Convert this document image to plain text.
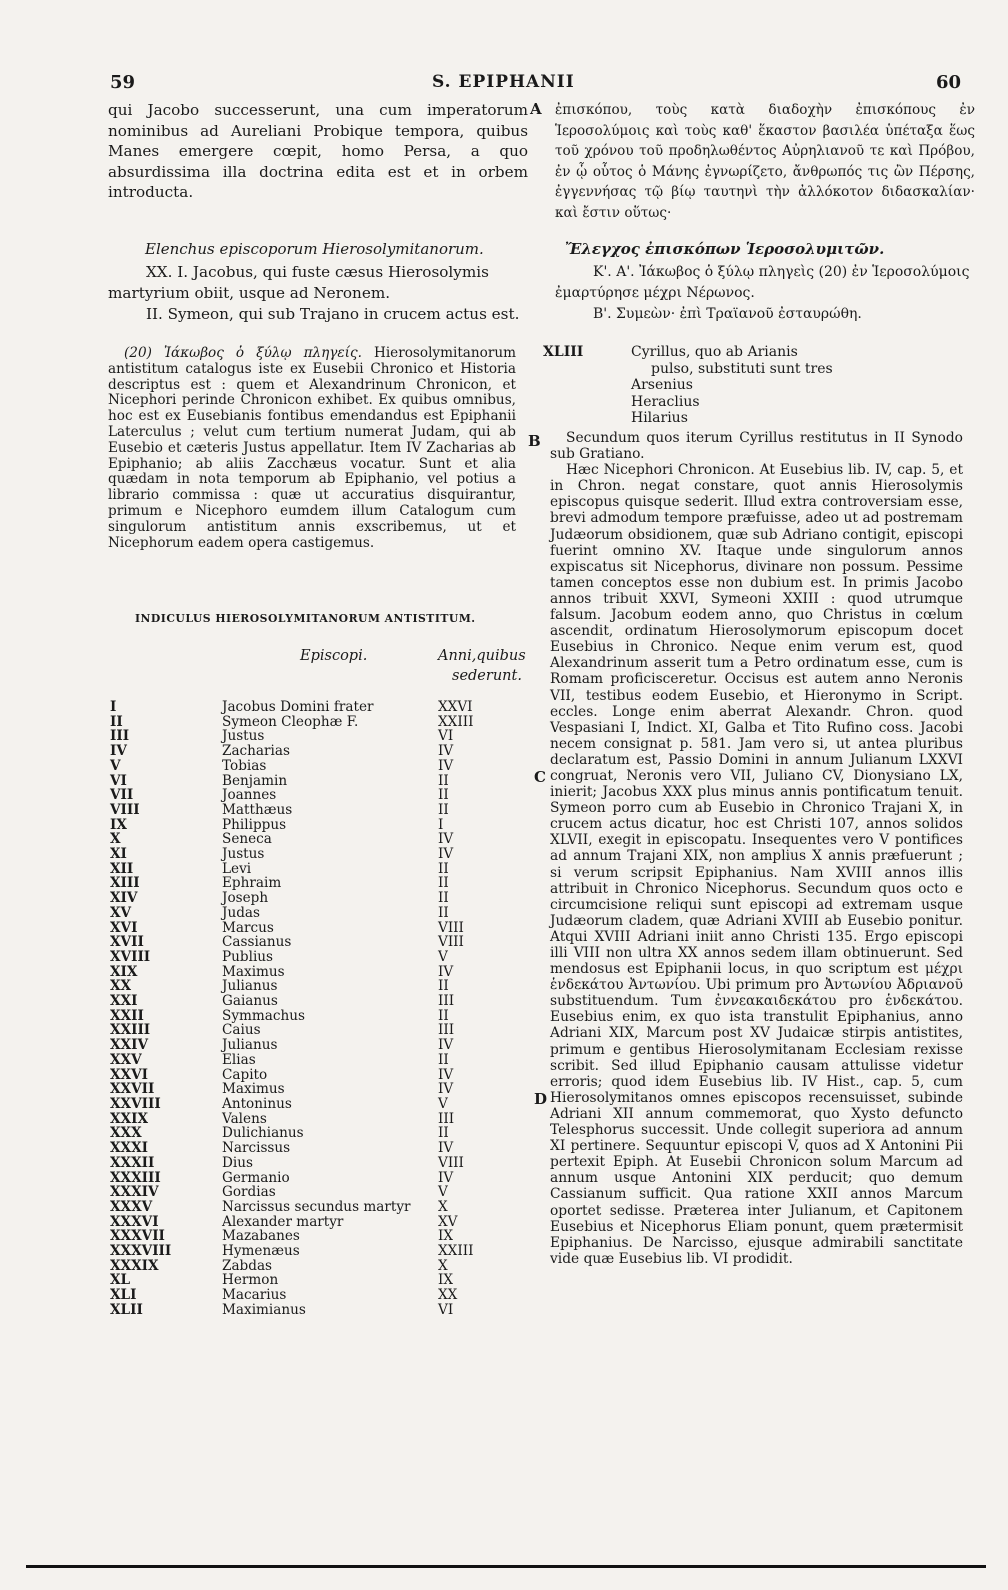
59	S. EPIPHANII	60
qui Jacobo successerunt, una cum imperatorum nominibus ad Aureliani Probique tempora, quibus Manes emergere cœpit, homo Persa, a quo absurdissima illa doctrina edita est et in orbem introducta.
A ἐπισκόπου, τοὺς κατὰ διαδοχὴν ἐπισκόπους ἐν Ἱεροσολύμοις καὶ τοὺς καθ' ἕκαστον βασιλέα ὑπέταξα ἕως τοῦ χρόνου τοῦ προδηλωθέντος Αὐρηλιανοῦ τε καὶ Πρόβου, ἐν ᾧ οὗτος ὁ Μάνης ἐγνωρίζετο, ἄνθρωπός τις ὢν Πέρσης, ἐγγεννήσας τῷ βίῳ ταυτηνὶ τὴν ἀλλόκοτον διδασκαλίαν· καὶ ἔστιν οὕτως·
Elenchus episcoporum Hierosolymitanorum.	Ἔλεγχος ἐπισκόπων Ἱεροσολυμιτῶν.
XX. I. Jacobus, qui fuste cæsus Hierosolymis martyrium obiit, usque ad Neronem.
II. Symeon, qui sub Trajano in crucem actus est.
Κ'. Α'. Ἰάκωβος ὁ ξύλῳ πληγεὶς (20) ἐν Ἱεροσολύμοις ἐμαρτύρησε μέχρι Νέρωνος.
Β'. Συμεὼν· ἐπὶ Τραϊανοῦ ἐσταυρώθη.
(20) Ἰάκωβος ὁ ξύλῳ πληγείς. Hierosolymitanorum antistitum catalogus iste ex Eusebii Chronico et Historia descriptus est : quem et Alexandrinum Chronicon, et Nicephori perinde Chronicon exhibet. Ex quibus omnibus, hoc est ex Eusebianis fontibus emendandus est Epiphanii Laterculus ; velut cum tertium numerat Judam, qui ab Eusebio et cæteris Justus appellatur. Item IV Zacharias ab Epiphanio; ab aliis Zacchæus vocatur. Sunt et alia quædam in nota temporum ab Epiphanio, vel potius a librario commissa : quæ ut accuratius disquirantur, primum e Nicephoro eumdem illum Catalogum cum singulorum antistitum annis exscribemus, ut et Nicephorum eadem opera castigemus.
INDICULUS HIEROSOLYMITANORUM ANTISTITUM.
Episcopi.	Anni,quibus
sederunt.
I	Jacobus Domini frater	XXVI
II	Symeon Cleophæ F.	XXIII
III	Justus	VI
IV	Zacharias	IV
V	Tobias	IV
VI	Benjamin	II
VII	Joannes	II
VIII	Matthæus	II
IX	Philippus	I
X	Seneca	IV
XI	Justus	IV
XII	Levi	II
XIII	Ephraim	II
XIV	Joseph	II
XV	Judas	II
XVI	Marcus	VIII
XVII	Cassianus	VIII
XVIII	Publius	V
XIX	Maximus	IV
XX	Julianus	II
XXI	Gaianus	III
XXII	Symmachus	II
XXIII	Caius	III
XXIV	Julianus	IV
XXV	Elias	II
XXVI	Capito	IV
XXVII	Maximus	IV
XXVIII	Antoninus	V
XXIX	Valens	III
XXX	Dulichianus	II
XXXI	Narcissus	IV
XXXII	Dius	VIII
XXXIII	Germanio	IV
XXXIV	Gordias	V
XXXV	Narcissus secundus martyr	X
XXXVI	Alexander martyr	XV
XXXVII	Mazabanes	IX
XXXVIII	Hymenæus	XXIII
XXXIX	Zabdas	X
XL	Hermon	IX
XLI	Macarius	XX
XLII	Maximianus	VI
XLIII	Cyrillus, quo ab Arianis
pulso, substituti sunt tres
Arsenius
Heraclius
Hilarius
B
C
D

Secundum quos iterum Cyrillus restitutus in II Synodo sub Gratiano.

Hæc Nicephori Chronicon. At Eusebius lib. IV, cap. 5, et in Chron. negat constare, quot annis Hierosolymis episcopus quisque sederit. Illud extra controversiam esse, brevi admodum tempore præfuisse, adeo ut ad postremam Judæorum obsidionem, quæ sub Adriano contigit, episcopi fuerint omnino XV. Itaque unde singulorum annos expiscatus sit Nicephorus, divinare non possum. Pessime tamen conceptos esse non dubium est. In primis Jacobo annos tribuit XXVI, Symeoni XXIII : quod utrumque falsum. Jacobum eodem anno, quo Christus in cœlum ascendit, ordinatum Hierosolymorum episcopum docet Eusebius in Chronico. Neque enim verum est, quod Alexandrinum asserit tum a Petro ordinatum esse, cum is Romam proficisceretur. Occisus est autem anno Neronis VII, testibus eodem Eusebio, et Hieronymo in Script. eccles. Longe enim aberrat Alexandr. Chron. quod Vespasiani I, Indict. XI, Galba et Tito Rufino coss. Jacobi necem consignat p. 581. Jam vero si, ut antea pluribus declaratum est, Passio Domini in annum Julianum LXXVI congruat, Neronis vero VII, Juliano CV, Dionysiano LX, inierit; Jacobus XXX plus minus annis pontificatum tenuit. Symeon porro cum ab Eusebio in Chronico Trajani X, in crucem actus dicatur, hoc est Christi 107, annos solidos XLVII, exegit in episcopatu. Insequentes vero V pontifices ad annum Trajani XIX, non amplius X annis præfuerunt ; si verum scripsit Epiphanius. Nam XVIII annos illis attribuit in Chronico Nicephorus. Secundum quos octo e circumcisione reliqui sunt episcopi ad extremam usque Judæorum cladem, quæ Adriani XVIII ab Eusebio ponitur. Atqui XVIII Adriani iniit anno Christi 135. Ergo episcopi illi VIII non ultra XX annos sedem illam obtinuerunt. Sed mendosus est Epiphanii locus, in quo scriptum est μέχρι ἑνδεκάτου Ἀντωνίου. Ubi primum pro Ἀντωνίου Ἀδριανοῦ substituendum. Tum ἐννεακαιδεκάτου pro ἑνδεκάτου. Eusebius enim, ex quo ista transtulit Epiphanius, anno Adriani XIX, Marcum post XV Judaicæ stirpis antistites, primum e gentibus Hierosolymitanam Ecclesiam rexisse scribit. Sed illud Epiphanio causam attulisse videtur erroris; quod idem Eusebius lib. IV Hist., cap. 5, cum Hierosolymitanos omnes episcopos recensuisset, subinde Adriani XII annum commemorat, quo Xysto defuncto Telesphorus successit. Unde collegit superiora ad annum XI pertinere. Sequuntur episcopi V, quos ad X Antonini Pii pertexit Epiph. At Eusebii Chronicon solum Marcum ad annum usque Antonini XIX perducit; quo demum Cassianum sufficit. Qua ratione XXII annos Marcum oportet sedisse. Præterea inter Julianum, et Capitonem Eusebius et Nicephorus Eliam ponunt, quem prætermisit Epiphanius. De Narcisso, ejusque admirabili sanctitate vide quæ Eusebius lib. VI prodidit.
